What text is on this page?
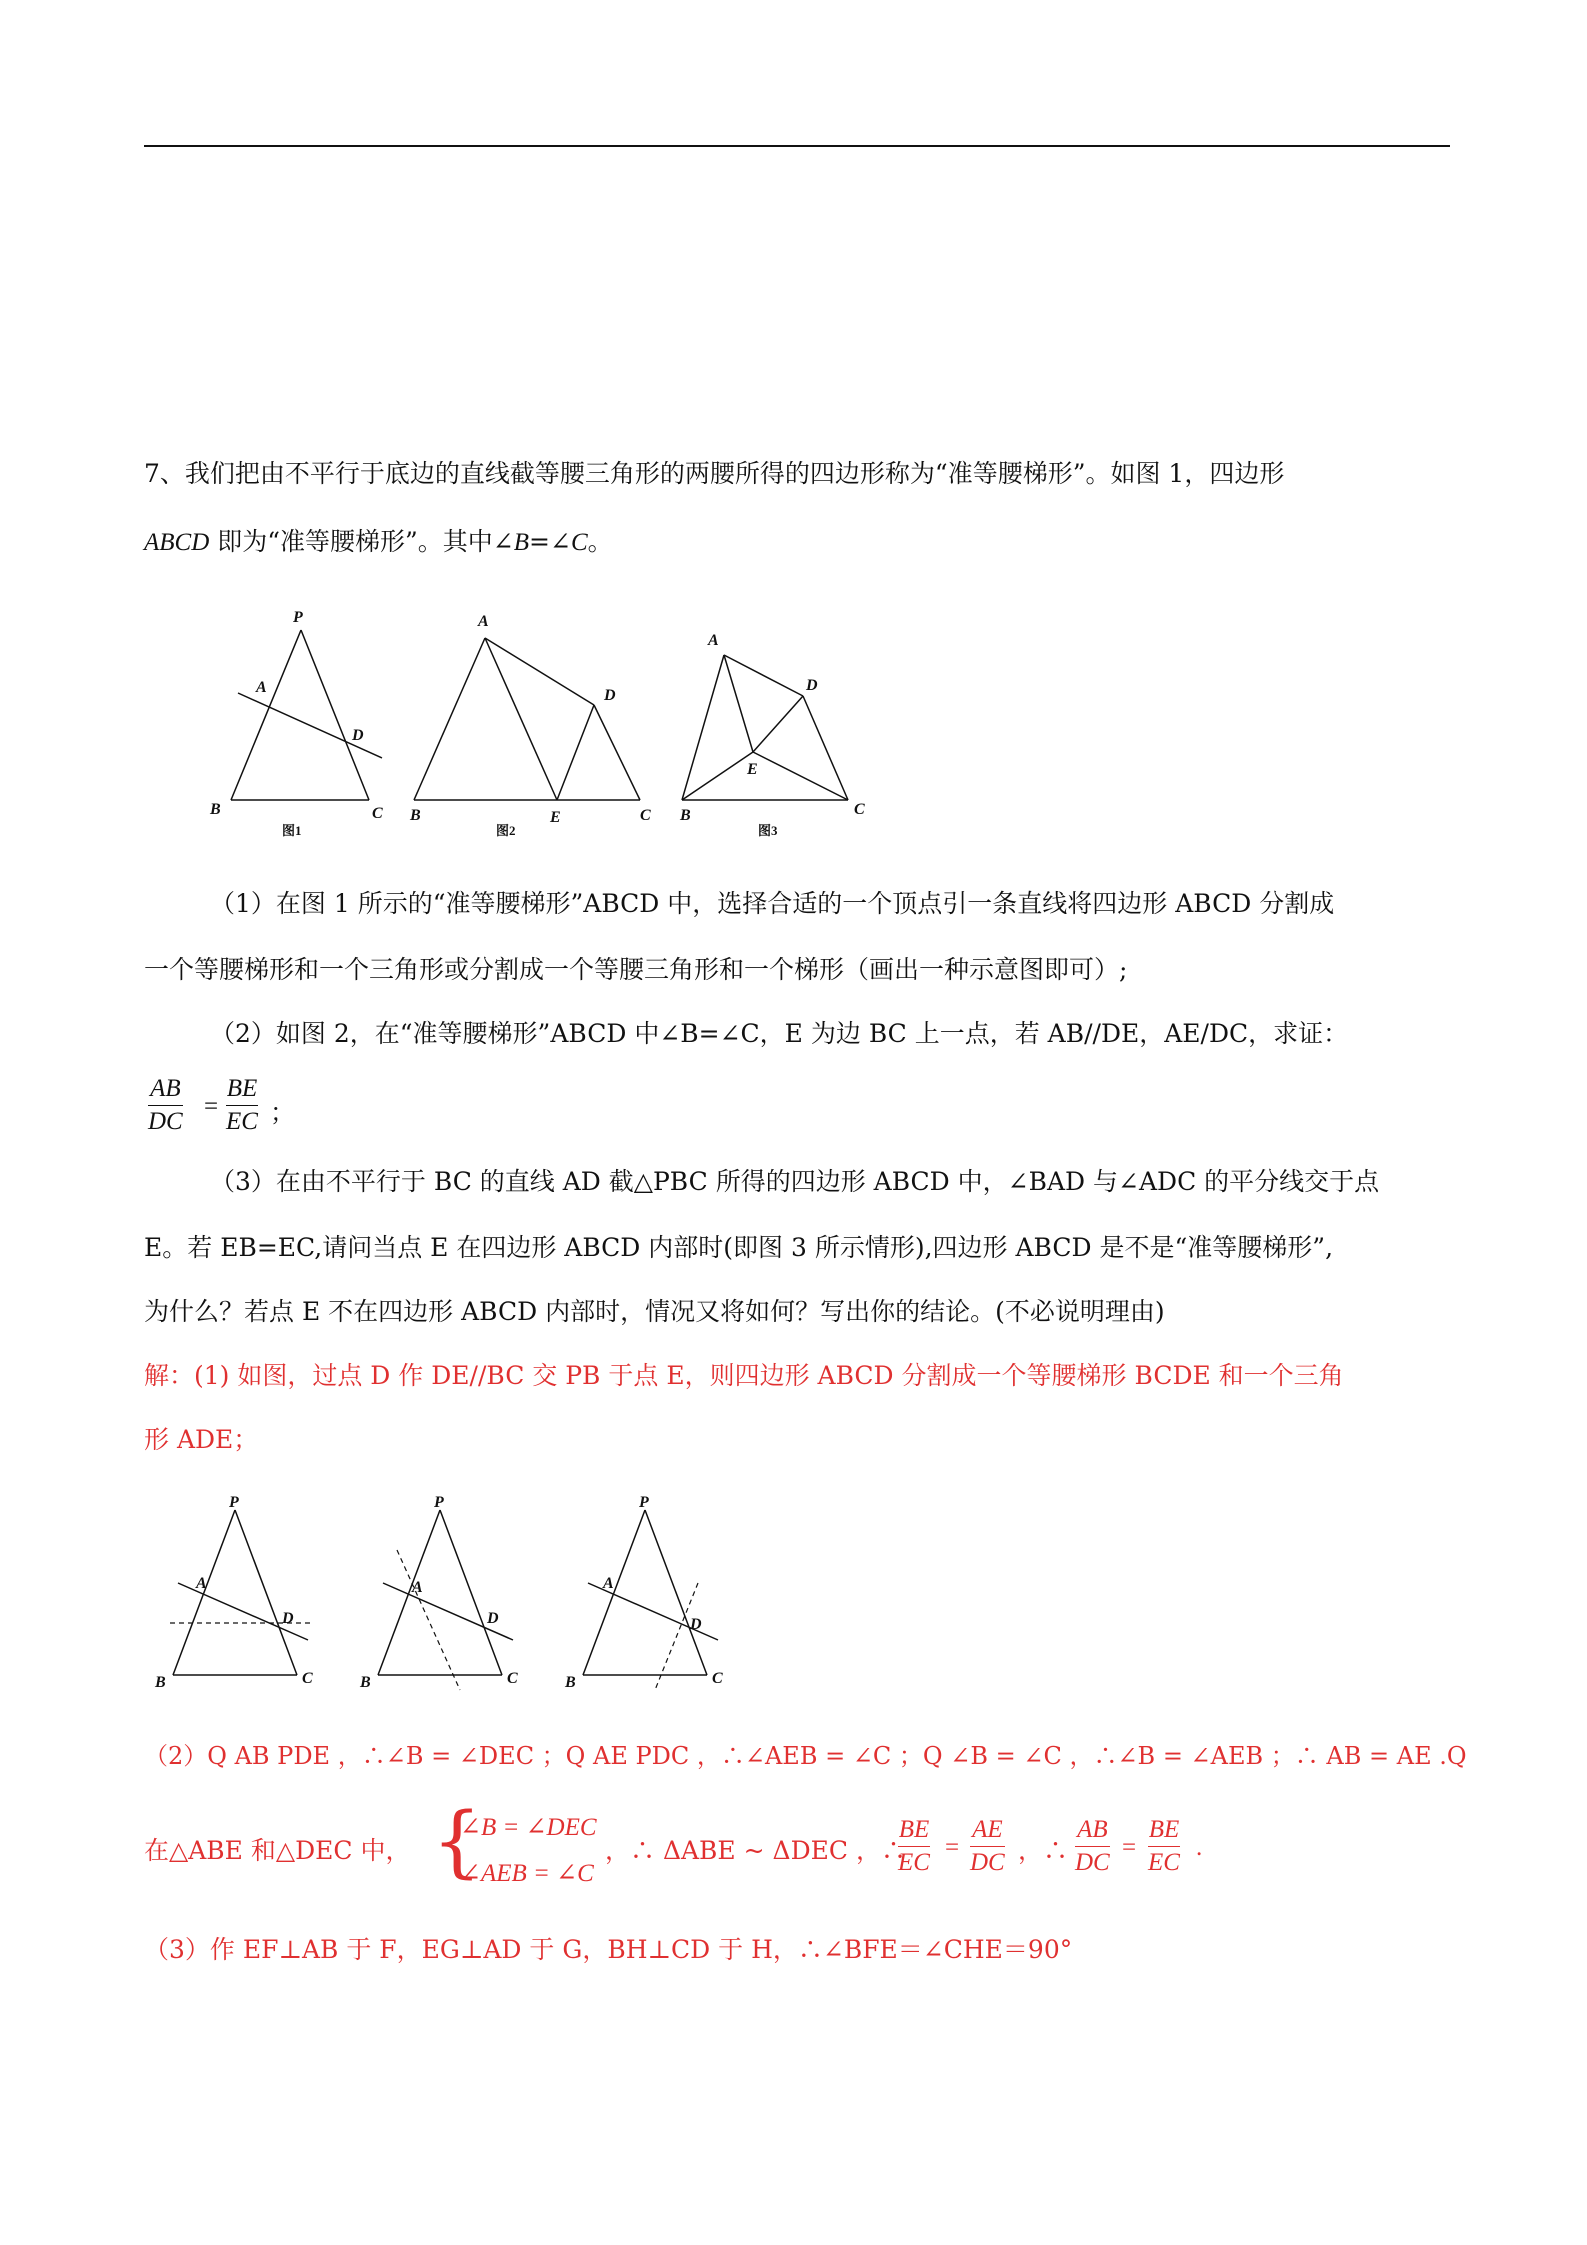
7、我们把由不平行于底边的直线截等腰三角形的两腰所得的四边形称为“准等腰梯形”。如图 1，四边形
ABCD 即为“准等腰梯形”。其中∠B=∠C。
P
A
D
B	C
图1
A
D
B	E	C
图2
A
D
E
B	C
图3
（1）在图 1 所示的“准等腰梯形”ABCD 中，选择合适的一个顶点引一条直线将四边形 ABCD 分割成
一个等腰梯形和一个三角形或分割成一个等腰三角形和一个梯形（画出一种示意图即可）;
（2）如图 2，在“准等腰梯形”ABCD 中∠B=∠C，E 为边 BC 上一点，若 AB//DE，AE/DC，求证：
AB
DC
=
BE
EC ；
（3）在由不平行于 BC 的直线 AD 截△PBC 所得的四边形 ABCD 中，∠BAD 与∠ADC 的平分线交于点
E。若 EB=EC,请问当点 E 在四边形 ABCD 内部时(即图 3 所示情形),四边形 ABCD 是不是“准等腰梯形”,
为什么？若点 E 不在四边形 ABCD 内部时，情况又将如何？写出你的结论。(不必说明理由)
解：(1) 如图，过点 D 作 DE//BC 交 PB 于点 E，则四边形 ABCD 分割成一个等腰梯形 BCDE 和一个三角
形 ADE；
P
A
D
B	C
P
A
D
B	C
P
A
D
B	C
（2）Q AB ΡDE ，∴∠B = ∠DEC ；Q AE ΡDC ，∴∠AEB = ∠C ；Q ∠B = ∠C ，∴∠B = ∠AEB ；∴ AB = AE .Q
在△ABE 和△DEC 中， {
∠B = ∠DEC
∠AEB = ∠C
，∴ ΔABE ~ ΔDEC ，∴
BE
EC
=
AE
DC ，∴
AB
DC
=
BE
EC
.
（3）作 EF⊥AB 于 F，EG⊥AD 于 G，BH⊥CD 于 H，∴∠BFE＝∠CHE＝90°
